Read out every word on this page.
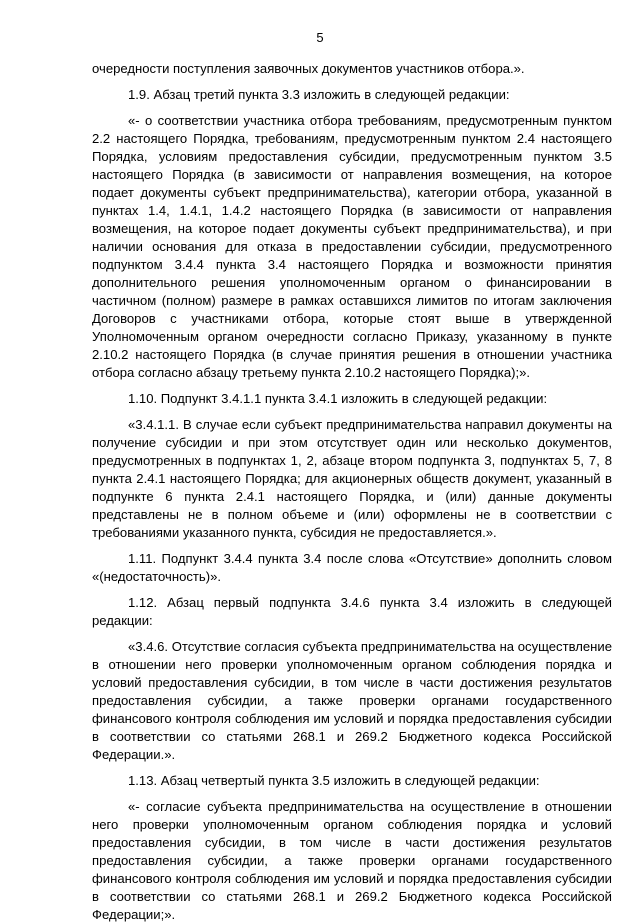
5

очередности поступления заявочных документов участников отбора.».

1.9. Абзац третий пункта 3.3 изложить в следующей редакции:

«- о соответствии участника отбора требованиям, предусмотренным пунктом 2.2 настоящего Порядка, требованиям, предусмотренным пунктом 2.4 настоящего Порядка, условиям предоставления субсидии, предусмотренным пунктом 3.5 настоящего Порядка (в зависимости от направления возмещения, на которое подает документы субъект предпринимательства), категории отбора, указанной в пунктах 1.4, 1.4.1, 1.4.2 настоящего Порядка (в зависимости от направления возмещения, на которое подает документы субъект предпринимательства), и при наличии основания для отказа в предоставлении субсидии, предусмотренного подпунктом 3.4.4 пункта 3.4 настоящего Порядка и возможности принятия дополнительного решения уполномоченным органом о финансировании в частичном (полном) размере в рамках оставшихся лимитов по итогам заключения Договоров с участниками отбора, которые стоят выше в утвержденной Уполномоченным органом очередности согласно Приказу, указанному в пункте 2.10.2 настоящего Порядка (в случае принятия решения в отношении участника отбора согласно абзацу третьему пункта 2.10.2 настоящего Порядка);».

1.10. Подпункт 3.4.1.1 пункта 3.4.1 изложить в следующей редакции:

«3.4.1.1. В случае если субъект предпринимательства направил документы на получение субсидии и при этом отсутствует один или несколько документов, предусмотренных в подпунктах 1, 2, абзаце втором подпункта 3, подпунктах 5, 7, 8 пункта 2.4.1 настоящего Порядка; для акционерных обществ документ, указанный в подпункте 6 пункта 2.4.1 настоящего Порядка, и (или) данные документы представлены не в полном объеме и (или) оформлены не в соответствии с требованиями указанного пункта, субсидия не предоставляется.».

1.11. Подпункт 3.4.4 пункта 3.4 после слова «Отсутствие» дополнить словом «(недостаточность)».

1.12. Абзац первый подпункта 3.4.6 пункта 3.4 изложить в следующей редакции:

«3.4.6. Отсутствие согласия субъекта предпринимательства на осуществление в отношении него проверки уполномоченным органом соблюдения порядка и условий предоставления субсидии, в том числе в части достижения результатов предоставления субсидии, а также проверки органами государственного финансового контроля соблюдения им условий и порядка предоставления субсидии в соответствии со статьями 268.1 и 269.2 Бюджетного кодекса Российской Федерации.».

1.13. Абзац четвертый пункта 3.5 изложить в следующей редакции:

«- согласие субъекта предпринимательства на осуществление в отношении него проверки уполномоченным органом соблюдения порядка и условий предоставления субсидии, в том числе в части достижения результатов предоставления субсидии, а также проверки органами государственного финансового контроля соблюдения им условий и порядка предоставления субсидии в соответствии со статьями 268.1 и 269.2 Бюджетного кодекса Российской Федерации;».
